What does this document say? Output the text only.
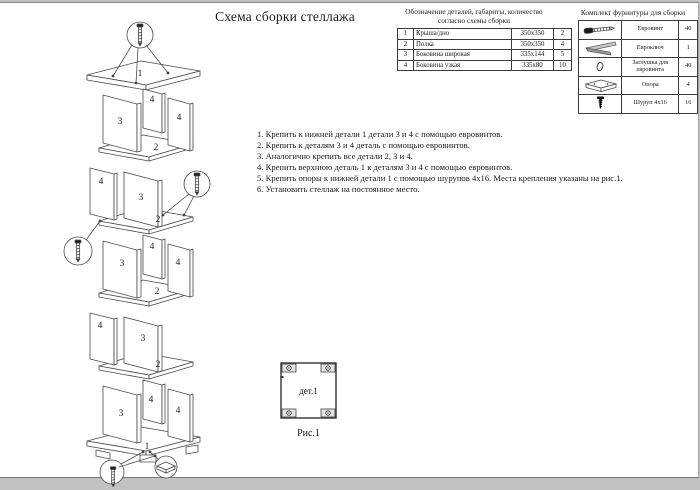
Схема сборки стеллажа	Обозначение деталей, габариты, количество
согласно схемы сборки
1	Крыша/дно	350х350	2
2	Полка	350х350	4
3	Боковина широкая	335х144	5
4	Боковина узкая	335х80	10
Комплект фурнитуры для сборки
	Евровинт	40

	Евроключ	1

	Заглушка для евровинта	40

	Опора	4

	Шуруп 4х16	16
1. Крепить к нижней детали 1 детали 3 и 4 с помощью евровинтов.
2. Крепить к деталям 3 и 4 деталь с помощью евровинтов.
3. Аналогично крепить все детали 2, 3 и 4.
4. Крепить верхнюю деталь 1 к деталям 3 и 4 с помощью евровинтов.
5. Крепить опоры к нижней детали 1 с помощью шурупов 4х16. Места крепления указаны на рис.1.
6. Установить стеллаж на постоянное место.
1
4
3	4
2
4
3
2
4
3	4
2
4
3
2
4
3	4
1
дет.1
Рис.1
